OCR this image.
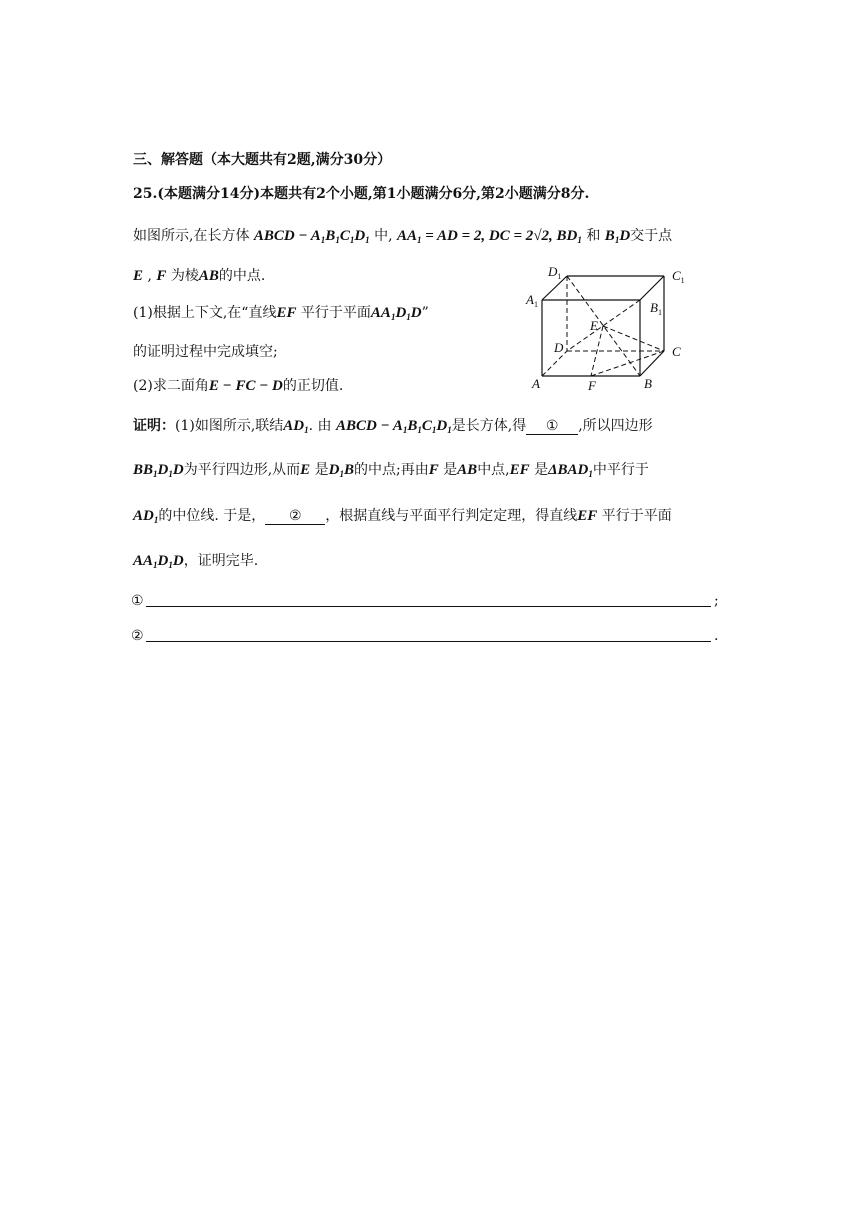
三、解答题（本大题共有2题,满分30分）
25.(本题满分14分)本题共有2个小题,第1小题满分6分,第2小题满分8分.
如图所示,在长方体 ABCD − $A_1B_1C_1D_1$ 中, $AA_1$ = AD = 2, DC = 2√2, $BD_1$ 和 $B_1D$交于点
E , F 为棱AB的中点.
(1)根据上下文,在“直线EF 平行于平面$AA_1D_1D$”
的证明过程中完成填空;
(2)求二面角E − FC − D的正切值.
$D_1$	$C_1$
$A_1$	$B_1$
E
D	C
A	F	B
证明：(1)如图所示,联结$AD_1$. 由 ABCD − $A_1B_1C_1D_1$是长方体,得 ① ,所以四边形
$BB_1D_1D$为平行四边形,从而E 是$D_1B$的中点;再由F 是AB中点,EF 是$\Delta BAD_1$中平行于
$AD_1$的中位线. 于是， ② ，根据直线与平面平行判定定理，得直线EF 平行于平面
$AA_1D_1D$，证明完毕.
①	;
②	.
